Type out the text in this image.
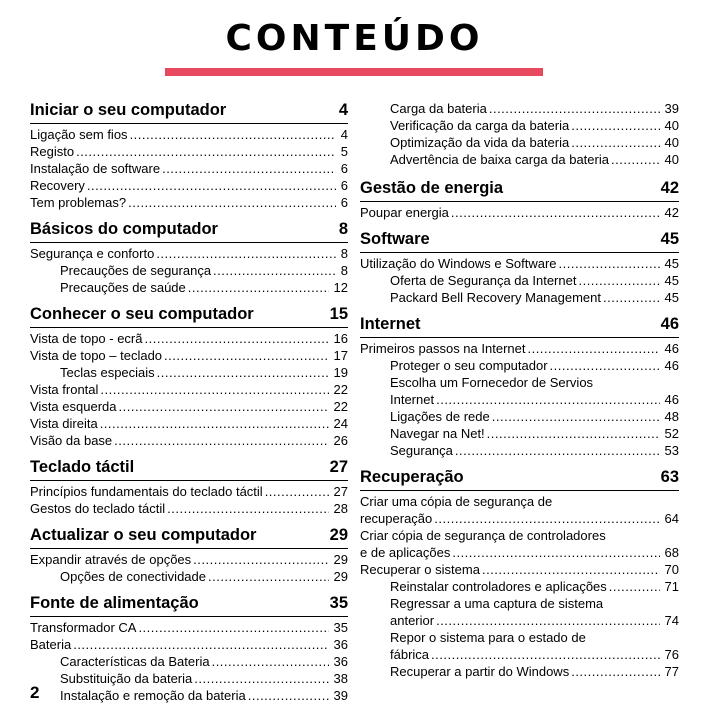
CONTEÚDO
Iniciar o seu computador	4
Ligação sem fios .....	4
Registo .....	5
Instalação de software .....	6
Recovery .....	6
Tem problemas? .....	6
Básicos do computador	8
Segurança e conforto .....	8
Precauções de segurança .....	8
Precauções de saúde .....	12
Conhecer o seu computador	15
Vista de topo - ecrã .....	16
Vista de topo – teclado .....	17
Teclas especiais .....	19
Vista frontal .....	22
Vista esquerda .....	22
Vista direita .....	24
Visão da base .....	26
Teclado táctil	27
Princípios fundamentais do teclado táctil .....	27
Gestos do teclado táctil .....	28
Actualizar o seu computador	29
Expandir através de opções .....	29
Opções de conectividade .....	29
Fonte de alimentação	35
Transformador CA .....	35
Bateria .....	36
Características da Bateria .....	36
Substituição da bateria .....	38
Instalação e remoção da bateria .....	39
Carga da bateria .....	39
Verificação da carga da bateria .....	40
Optimização da vida da bateria .....	40
Advertência de baixa carga da bateria .....	40
Gestão de energia	42
Poupar energia .....	42
Software	45
Utilização do Windows e Software .....	45
Oferta de Segurança da Internet .....	45
Packard Bell Recovery Management .....	45
Internet	46
Primeiros passos na Internet .....	46
Proteger o seu computador .....	46
Escolha um Fornecedor de Servios
Internet .....	46
Ligações de rede .....	48
Navegar na Net! .....	52
Segurança .....	53
Recuperação	63
Criar uma cópia de segurança de
recuperação .....	64
Criar cópia de segurança de controladores
e de aplicações .....	68
Recuperar o sistema .....	70
Reinstalar controladores e aplicações .....	71
Regressar a uma captura de sistema
anterior .....	74
Repor o sistema para o estado de
fábrica .....	76
Recuperar a partir do Windows .....	77
2
